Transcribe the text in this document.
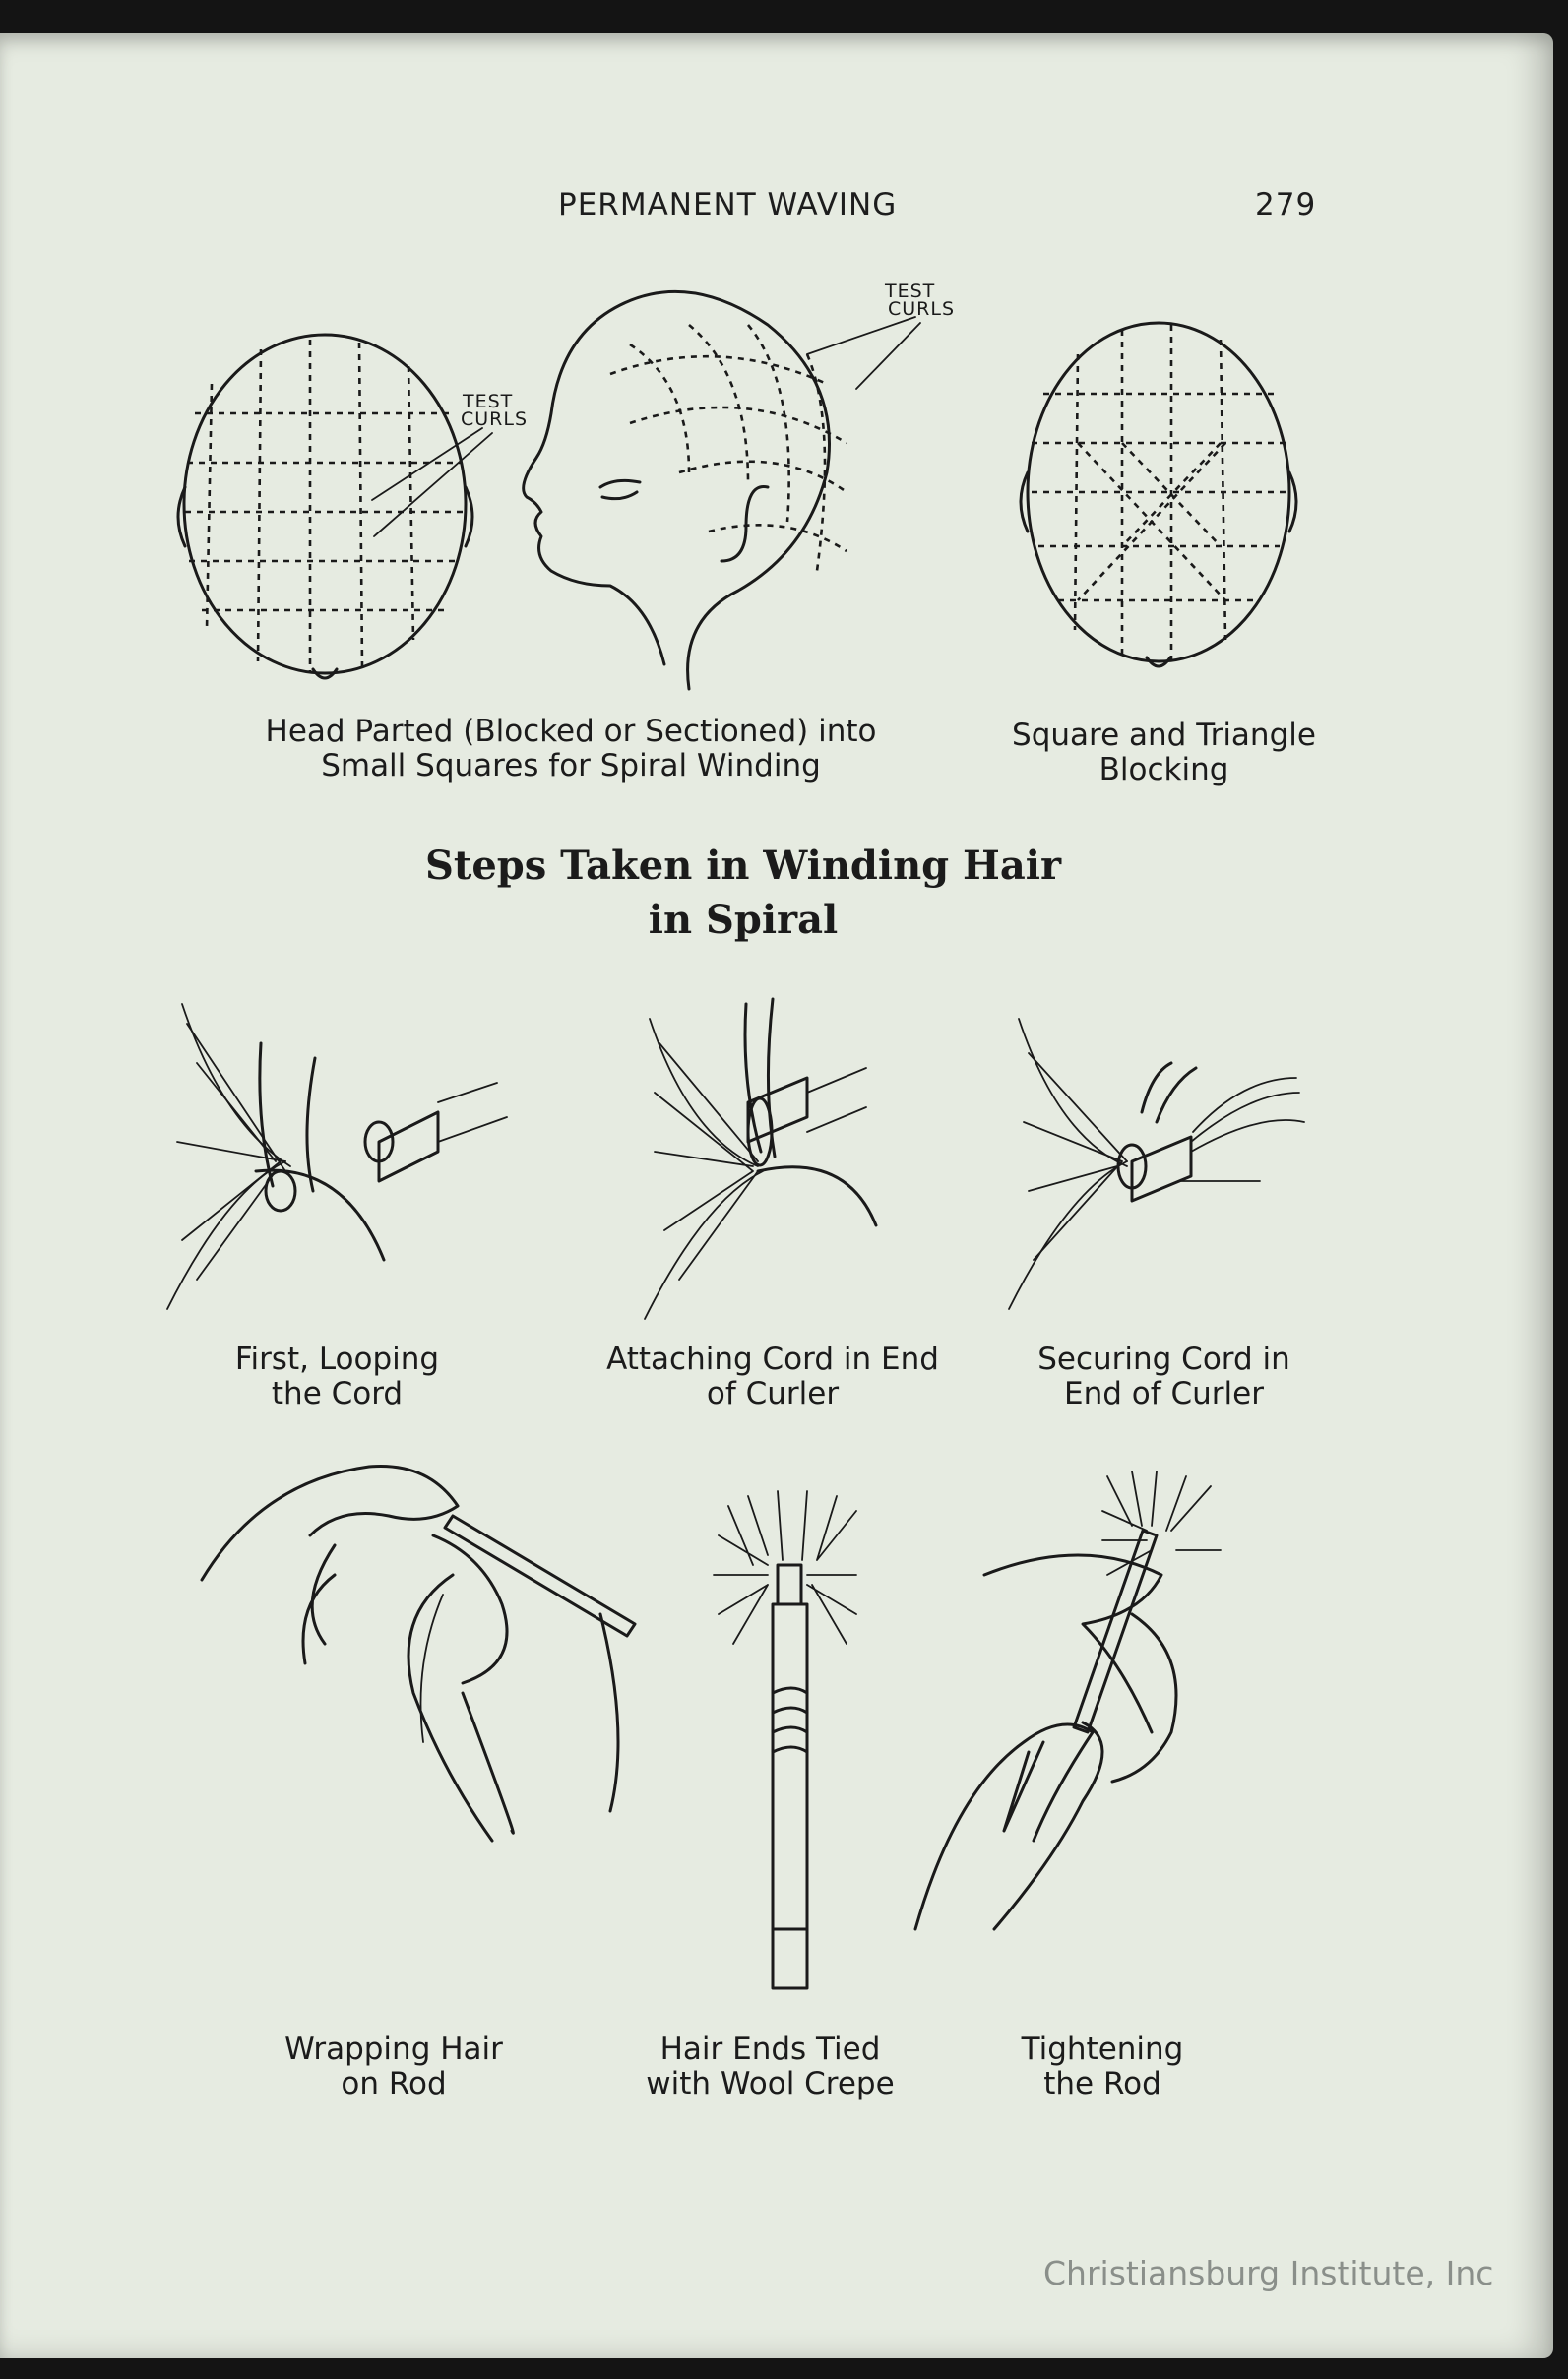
TEST
CURLS
TEST
CURLS
PERMANENT WAVING	279
Head Parted (Blocked or Sectioned) into
Small Squares for Spiral Winding
Square and Triangle
Blocking
Steps Taken in Winding Hair
in Spiral
First, Looping
the Cord
Attaching Cord in End
of Curler
Securing Cord in
End of Curler
Wrapping Hair
on Rod
Hair Ends Tied
with Wool Crepe
Tightening
the Rod
Christiansburg Institute, Inc
